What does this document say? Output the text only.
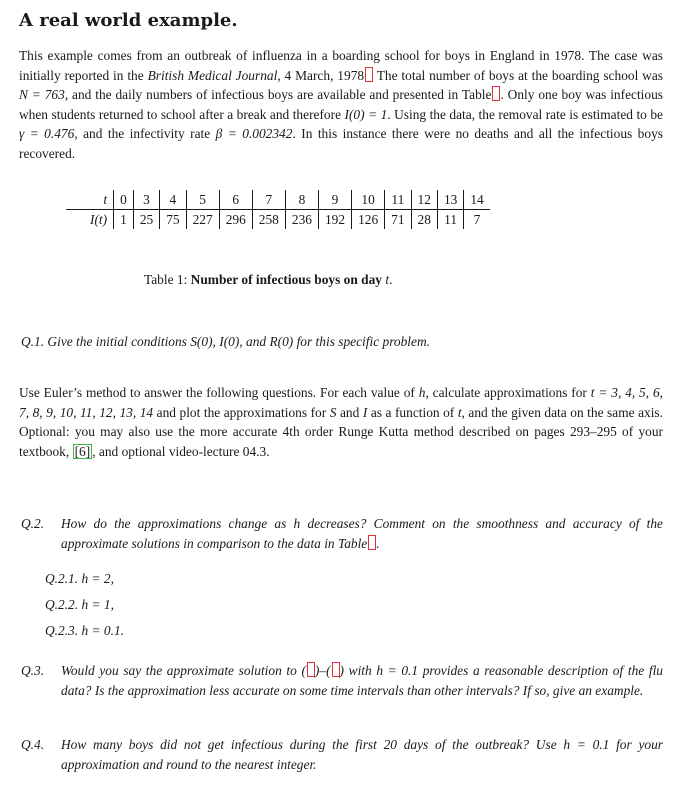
A real world example.

This example comes from an outbreak of influenza in a boarding school for boys in England in 1978. The case was initially reported in the British Medical Journal, 4 March, 1978 The total number of boys at the boarding school was N = 763, and the daily numbers of infectious boys are available and presented in Table . Only one boy was infectious when students returned to school after a break and therefore I(0) = 1. Using the data, the removal rate is estimated to be γ = 0.476, and the infectivity rate β = 0.002342. In this instance there were no deaths and all the infectious boys recovered.

t	0	3	4	5	6	7	8	9	10	11	12	13	14
I(t)	1	25	75	227	296	258	236	192	126	71	28	11	7
Table 1: Number of infectious boys on day t.
Q.1. Give the initial conditions S(0), I(0), and R(0) for this specific problem.

Use Euler’s method to answer the following questions. For each value of h, calculate approximations for t = 3, 4, 5, 6, 7, 8, 9, 10, 11, 12, 13, 14 and plot the approximations for S and I as a function of t, and the given data on the same axis. Optional: you may also use the more accurate 4th order Runge Kutta method described on pages 293–295 of your textbook, [6] , and optional video-lecture 04.3.

Q.2.	How do the approximations change as h decreases? Comment on the smoothness and accuracy of the approximate solutions in comparison to the data in Table .
Q.2.1. h = 2,
Q.2.2. h = 1,
Q.2.3. h = 0.1.
Q.3.	Would you say the approximate solution to ( )–( ) with h = 0.1 provides a reasonable description of the flu data? Is the approximation less accurate on some time intervals than other intervals? If so, give an example.
Q.4.	How many boys did not get infectious during the first 20 days of the outbreak? Use h = 0.1 for your approximation and round to the nearest integer.
